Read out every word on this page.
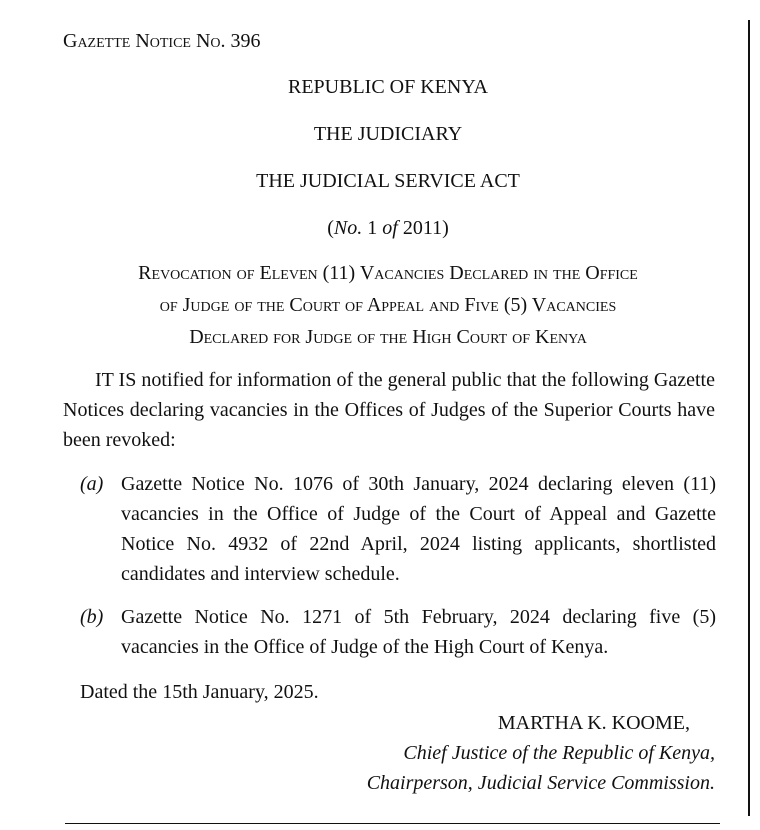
Gazette Notice No. 396
REPUBLIC OF KENYA
THE JUDICIARY
THE JUDICIAL SERVICE ACT
(No. 1 of 2011)
Revocation of Eleven (11) Vacancies Declared in the Office
of Judge of the Court of Appeal and Five (5) Vacancies
Declared for Judge of the High Court of Kenya
IT IS notified for information of the general public that the following Gazette Notices declaring vacancies in the Offices of Judges of the Superior Courts have been revoked:
(a) Gazette Notice No. 1076 of 30th January, 2024 declaring eleven (11) vacancies in the Office of Judge of the Court of Appeal and Gazette Notice No. 4932 of 22nd April, 2024 listing applicants, shortlisted candidates and interview schedule.
(b) Gazette Notice No. 1271 of 5th February, 2024 declaring five (5) vacancies in the Office of Judge of the High Court of Kenya.
Dated the 15th January, 2025.
MARTHA K. KOOME,
Chief Justice of the Republic of Kenya,
Chairperson, Judicial Service Commission.
